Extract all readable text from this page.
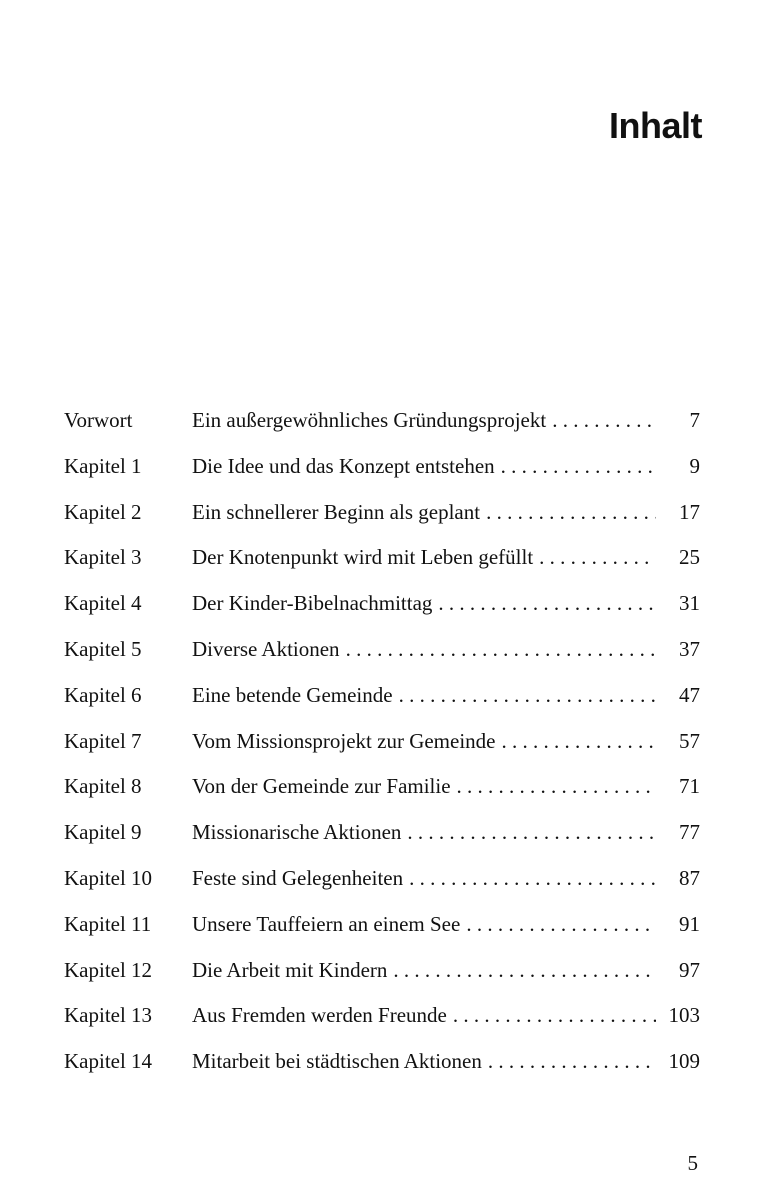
Inhalt
Vorwort	Ein außergewöhnliches Gründungsprojekt . . .	7
Kapitel 1	Die Idee und das Konzept entstehen . . .	9
Kapitel 2	Ein schnellerer Beginn als geplant . . .	17
Kapitel 3	Der Knotenpunkt wird mit Leben gefüllt . . .	25
Kapitel 4	Der Kinder-Bibelnachmittag . . .	31
Kapitel 5	Diverse Aktionen . . .	37
Kapitel 6	Eine betende Gemeinde . . .	47
Kapitel 7	Vom Missionsprojekt zur Gemeinde . . .	57
Kapitel 8	Von der Gemeinde zur Familie . . .	71
Kapitel 9	Missionarische Aktionen . . .	77
Kapitel 10	Feste sind Gelegenheiten . . .	87
Kapitel 11	Unsere Tauffeiern an einem See . . .	91
Kapitel 12	Die Arbeit mit Kindern . . .	97
Kapitel 13	Aus Fremden werden Freunde . . .	103
Kapitel 14	Mitarbeit bei städtischen Aktionen . . .	109
5
